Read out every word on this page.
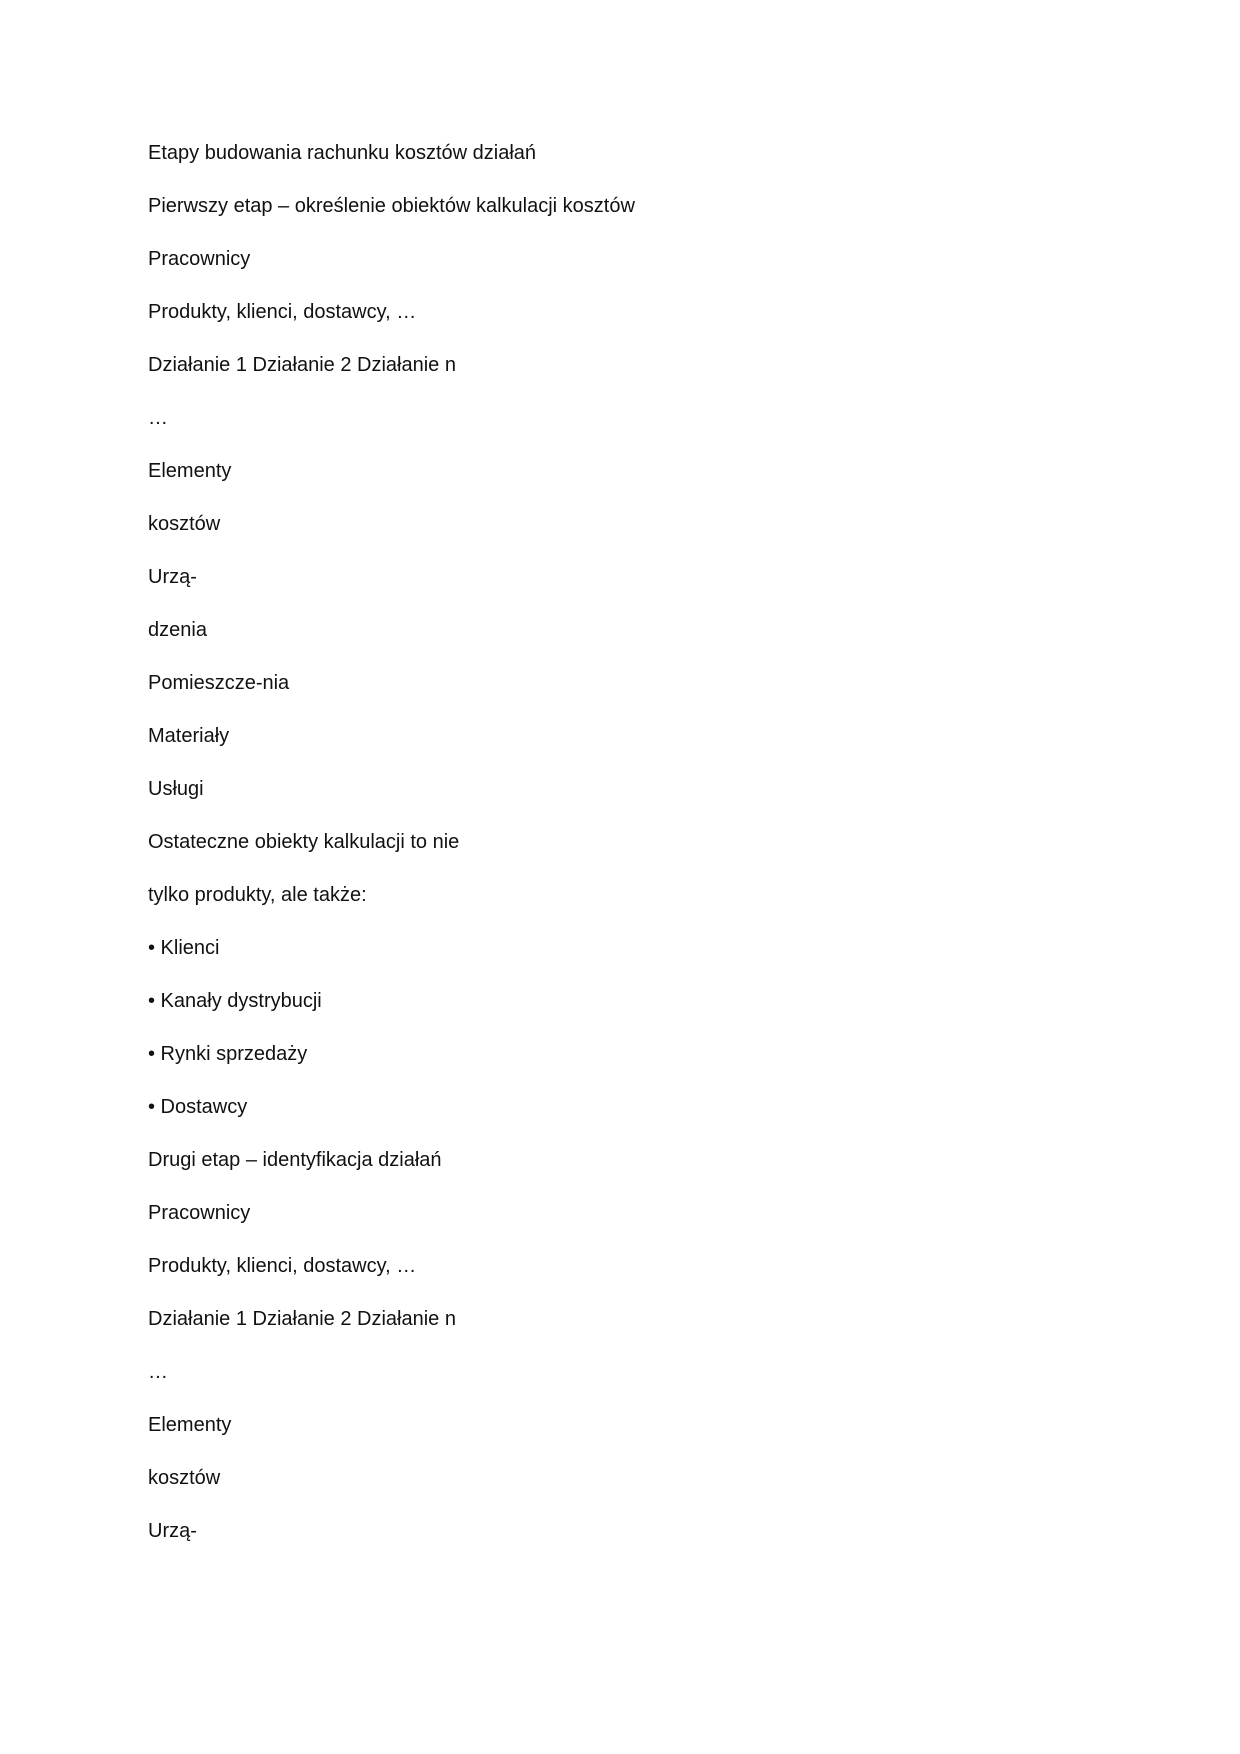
Etapy budowania rachunku kosztów działań
Pierwszy etap – określenie obiektów kalkulacji kosztów
Pracownicy
Produkty, klienci, dostawcy, …
Działanie 1 Działanie 2 Działanie n
…
Elementy
kosztów
Urzą-
dzenia
Pomieszcze-nia
Materiały
Usługi
Ostateczne obiekty kalkulacji to nie
tylko produkty, ale także:
• Klienci
• Kanały dystrybucji
• Rynki sprzedaży
• Dostawcy
Drugi etap – identyfikacja działań
Pracownicy
Produkty, klienci, dostawcy, …
Działanie 1 Działanie 2 Działanie n
…
Elementy
kosztów
Urzą-
